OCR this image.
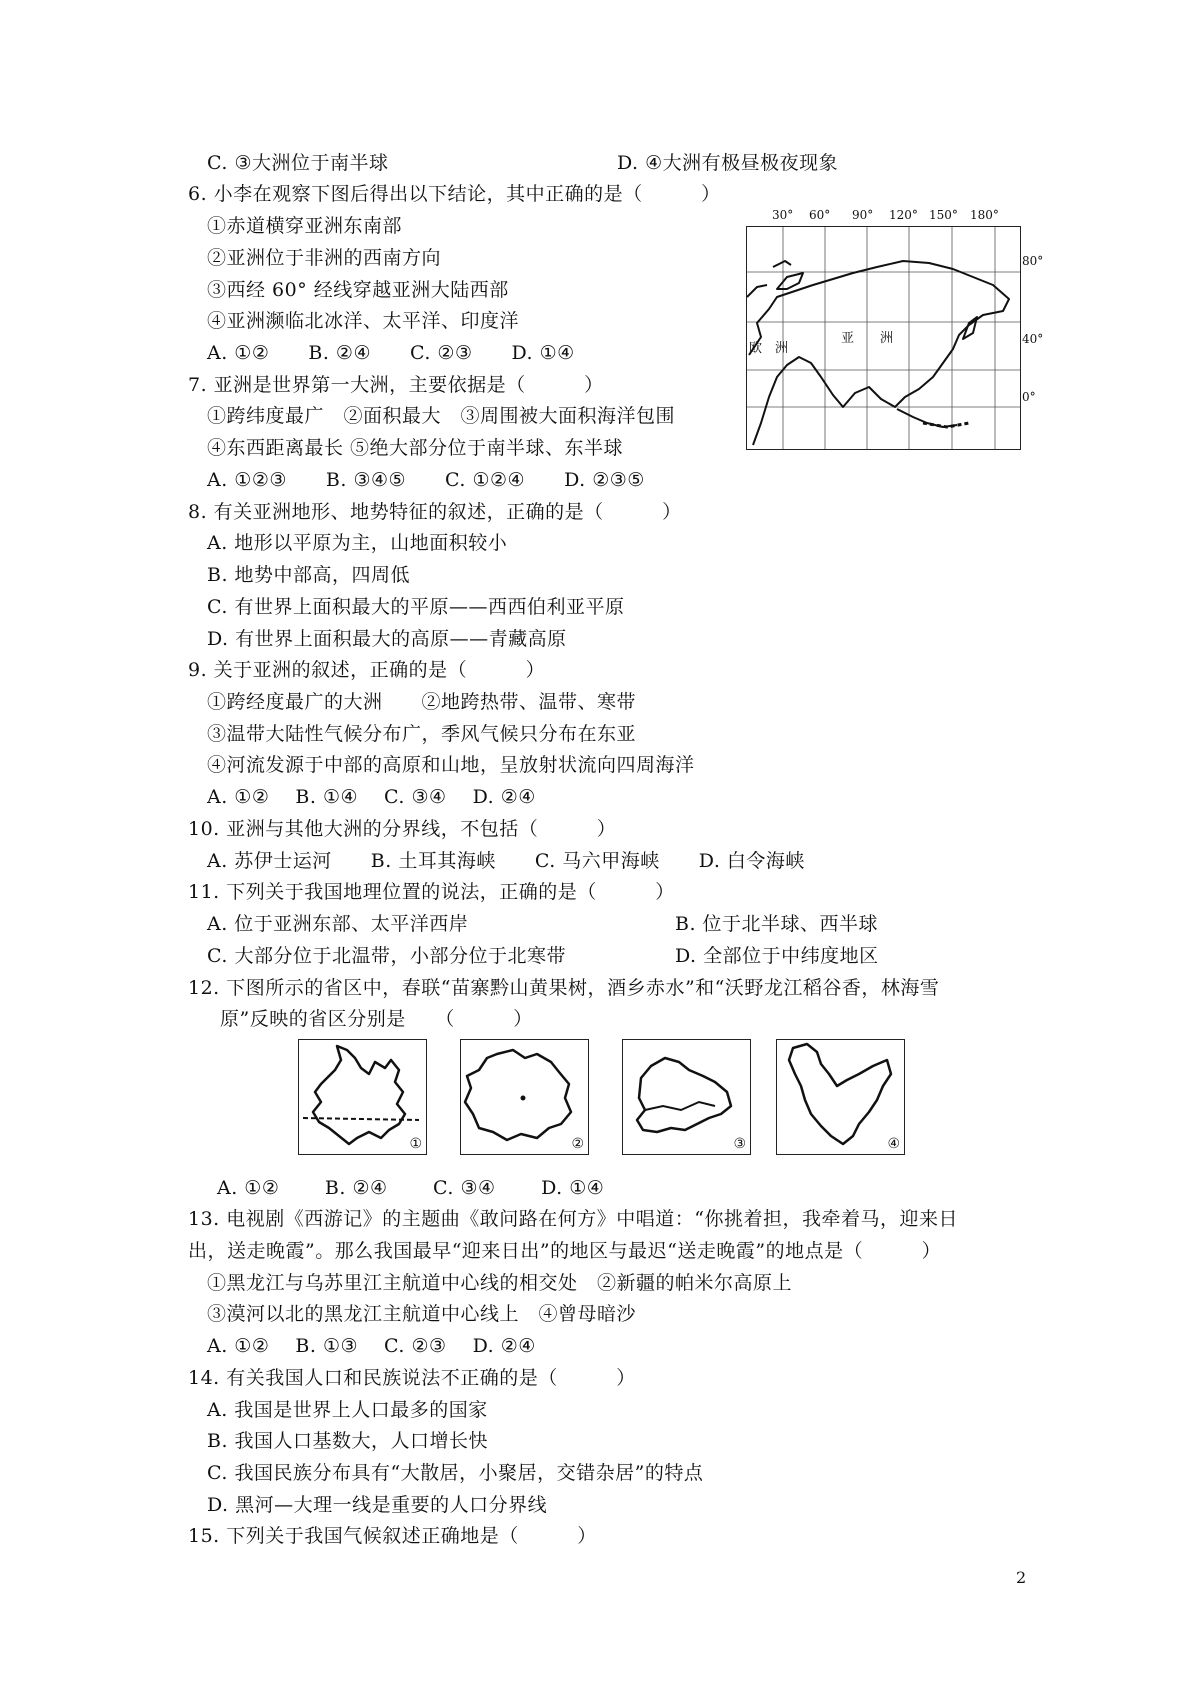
C. ③大洲位于南半球	D. ④大洲有极昼极夜现象
6. 小李在观察下图后得出以下结论，其中正确的是（　　　）
①赤道横穿亚洲东南部
②亚洲位于非洲的西南方向
③西经 60° 经线穿越亚洲大陆西部
④亚洲濒临北冰洋、太平洋、印度洋
A. ①②　　B. ②④　　C. ②③　　D. ①④
7. 亚洲是世界第一大洲，主要依据是（　　　）
①跨纬度最广　②面积最大　③周围被大面积海洋包围
④东西距离最长 ⑤绝大部分位于南半球、东半球
A. ①②③　　B. ③④⑤　　C. ①②④　　D. ②③⑤
8. 有关亚洲地形、地势特征的叙述，正确的是（　　　）
A. 地形以平原为主，山地面积较小
B. 地势中部高，四周低
C. 有世界上面积最大的平原——西西伯利亚平原
D. 有世界上面积最大的高原——青藏高原
9. 关于亚洲的叙述，正确的是（　　　）
①跨经度最广的大洲　　②地跨热带、温带、寒带
③温带大陆性气候分布广，季风气候只分布在东亚
④河流发源于中部的高原和山地，呈放射状流向四周海洋
A. ①②　 B. ①④　 C. ③④　 D. ②④
10. 亚洲与其他大洲的分界线，不包括（　　　）
A. 苏伊士运河　　B. 土耳其海峡　　C. 马六甲海峡　　D. 白令海峡
11. 下列关于我国地理位置的说法，正确的是（　　　）
A. 位于亚洲东部、太平洋西岸	B. 位于北半球、西半球
C. 大部分位于北温带，小部分位于北寒带	D. 全部位于中纬度地区
12. 下图所示的省区中，春联“苗寨黔山黄果树，酒乡赤水”和“沃野龙江稻谷香，林海雪
原”反映的省区分别是　　（　　　）
A. ①②　　 B. ②④　　 C. ③④　　 D. ①④
13. 电视剧《西游记》的主题曲《敢问路在何方》中唱道：“你挑着担，我牵着马，迎来日
出，送走晚霞”。那么我国最早“迎来日出”的地区与最迟“送走晚霞”的地点是（　　　）
①黑龙江与乌苏里江主航道中心线的相交处　②新疆的帕米尔高原上
③漠河以北的黑龙江主航道中心线上　④曾母暗沙
A. ①②　 B. ①③　 C. ②③　 D. ②④
14. 有关我国人口和民族说法不正确的是（　　　）
A. 我国是世界上人口最多的国家
B. 我国人口基数大，人口增长快
C. 我国民族分布具有“大散居，小聚居，交错杂居”的特点
D. 黑河—大理一线是重要的人口分界线
15. 下列关于我国气候叙述正确地是（　　　）
2
30° 60° 90° 120° 150° 180°
80°
40°
0°
欧　洲
亚　　洲
①	②	③	④
